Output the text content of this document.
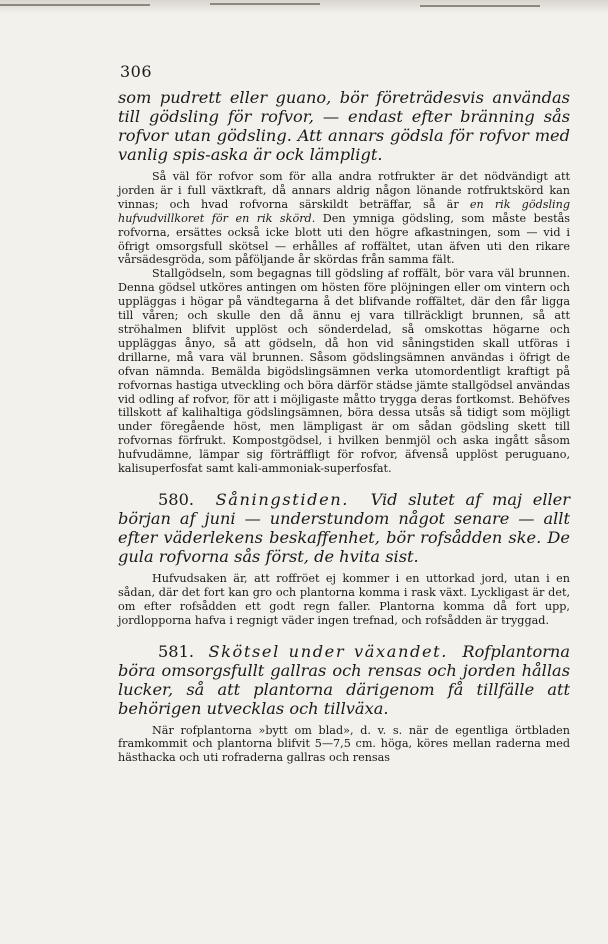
306

som pudrett eller guano, bör företrädesvis användas till gödsling för rofvor, — endast efter bränning sås rofvor utan gödsling. Att annars gödsla för rofvor med vanlig spis-aska är ock lämpligt.

Så väl för rofvor som för alla andra rotfrukter är det nödvändigt att jorden är i full växtkraft, då annars aldrig någon lönande rotfruktskörd kan vinnas; och hvad rofvorna särskildt beträffar, så är en rik gödsling hufvudvillkoret för en rik skörd. Den ymniga gödsling, som måste bestås rofvorna, ersättes också icke blott uti den högre afkastningen, som — vid i öfrigt omsorgsfull skötsel — erhålles af roffältet, utan äfven uti den rikare vårsädesgröda, som påföljande år skördas från samma fält.

Stallgödseln, som begagnas till gödsling af roffält, bör vara väl brunnen. Denna gödsel utköres antingen om hösten före plöjningen eller om vintern och uppläggas i högar på vändtegarna å det blifvande roffältet, där den får ligga till våren; och skulle den då ännu ej vara tillräckligt brunnen, så att ströhalmen blifvit upplöst och sönderdelad, så omskottas högarne och uppläggas ånyo, så att gödseln, då hon vid såningstiden skall utföras i drillarne, må vara väl brunnen. Såsom gödslingsämnen användas i öfrigt de ofvan nämnda. Bemälda bigödslingsämnen verka utomordentligt kraftigt på rofvornas hastiga utveckling och böra därför städse jämte stallgödsel användas vid odling af rofvor, för att i möjligaste måtto trygga deras fortkomst. Behöfves tillskott af kalihaltiga gödslingsämnen, böra dessa utsås så tidigt som möjligt under föregående höst, men lämpligast är om sådan gödsling skett till rofvornas förfrukt. Kompostgödsel, i hvilken benmjöl och aska ingått såsom hufvudämne, lämpar sig förträffligt för rofvor, äfvenså upplöst peruguano, kalisuperfosfat samt kali-ammoniak-superfosfat.

580. Såningstiden. Vid slutet af maj eller början af juni — understundom något senare — allt efter väderlekens beskaffenhet, bör rofsådden ske. De gula rofvorna sås först, de hvita sist.

Hufvudsaken är, att roffröet ej kommer i en uttorkad jord, utan i en sådan, där det fort kan gro och plantorna komma i rask växt. Lyckligast är det, om efter rofsådden ett godt regn faller. Plantorna komma då fort upp, jordlopporna hafva i regnigt väder ingen trefnad, och rofsådden är tryggad.

581. Skötsel under växandet. Rofplantorna böra omsorgsfullt gallras och rensas och jorden hållas lucker, så att plantorna därigenom få tillfälle att behörigen utvecklas och tillväxa.

När rofplantorna »bytt om blad», d. v. s. när de egentliga örtbladen framkommit och plantorna blifvit 5—7,5 cm. höga, köres mellan raderna med hästhacka och uti rofraderna gallras och rensas
